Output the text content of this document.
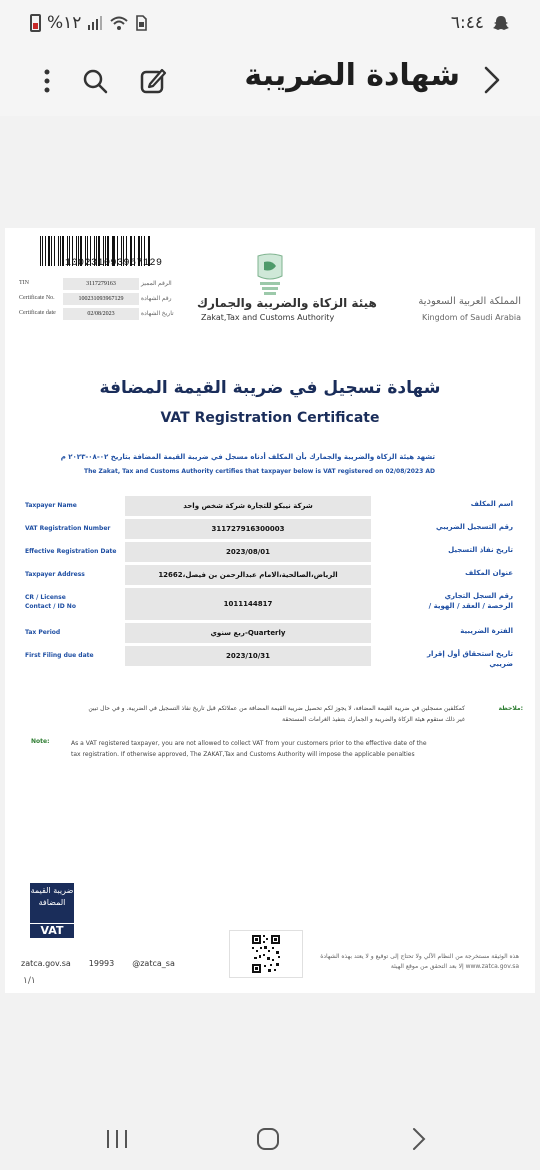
%١٢	٦:٤٤
شهادة الضريبة
100231093967129
TIN	3117279163	الرقم المميز
Certificate No.	100231093967129	رقم الشهادة
Certificate date	02/08/2023	تاريخ الشهادة
هيئة الزكاة والضريبة والجمارك
Zakat,Tax and Customs Authority
المملكة العربية السعودية
Kingdom of Saudi Arabia
شهادة تسجيل في ضريبة القيمة المضافة
VAT Registration Certificate
تشهد هيئة الزكاة والضريبة والجمارك بأن المكلف أدناه مسجل في ضريبة القيمة المضافة بتاريخ ٠٢-٠٨-٢٠٢٣ م
The Zakat, Tax and Customs Authority certifies that taxpayer below is VAT registered on 02/08/2023 AD
Taxpayer Name	شركة نيبكو للتجارة شركة شخص واحد	اسم المكلف
VAT Registration Number	311727916300003	رقم التسجيل الضريبي
Effective Registration Date	2023/08/01	تاريخ نفاذ التسجيل
Taxpayer Address	الرياض،الصالحية،الامام عبدالرحمن بن فيصل،12662	عنوان المكلف
CR / License
Contact / ID No	1011144817
رقم السجل التجاري
/ الرخصة / العقد / الهوية
Tax Period	ربع سنوي-Quarterly	الفترة الضريبية
First Filing due date	2023/10/31	تاريخ استحقاق أول إقرار
ضريبي
ملاحظة:
كمكلفين مسجلين في ضريبة القيمة المضافة، لا يجوز لكم تحصيل ضريبة القيمة المضافة من عملائكم قبل تاريخ نفاذ التسجيل في الضريبة. و في حال تبين غير ذلك ستقوم هيئة الزكاة والضريبة و الجمارك بتنفيذ الغرامات المستحقة
Note:	As a VAT registered taxpayer, you are not allowed to collect VAT from your customers prior to the effective date of the tax registration. If otherwise approved, The ZAKAT,Tax and Customs Authority will impose the applicable penalties
ضريبة القيمة المضافة
VAT
zatca.gov.sa 19993 @zatca_sa
١/١
هذه الوثيقة مستخرجة من النظام الآلي ولا تحتاج إلى توقيع و لا يعتد بهذه الشهادة إلا بعد التحقق من موقع الهيئة www.zatca.gov.sa
